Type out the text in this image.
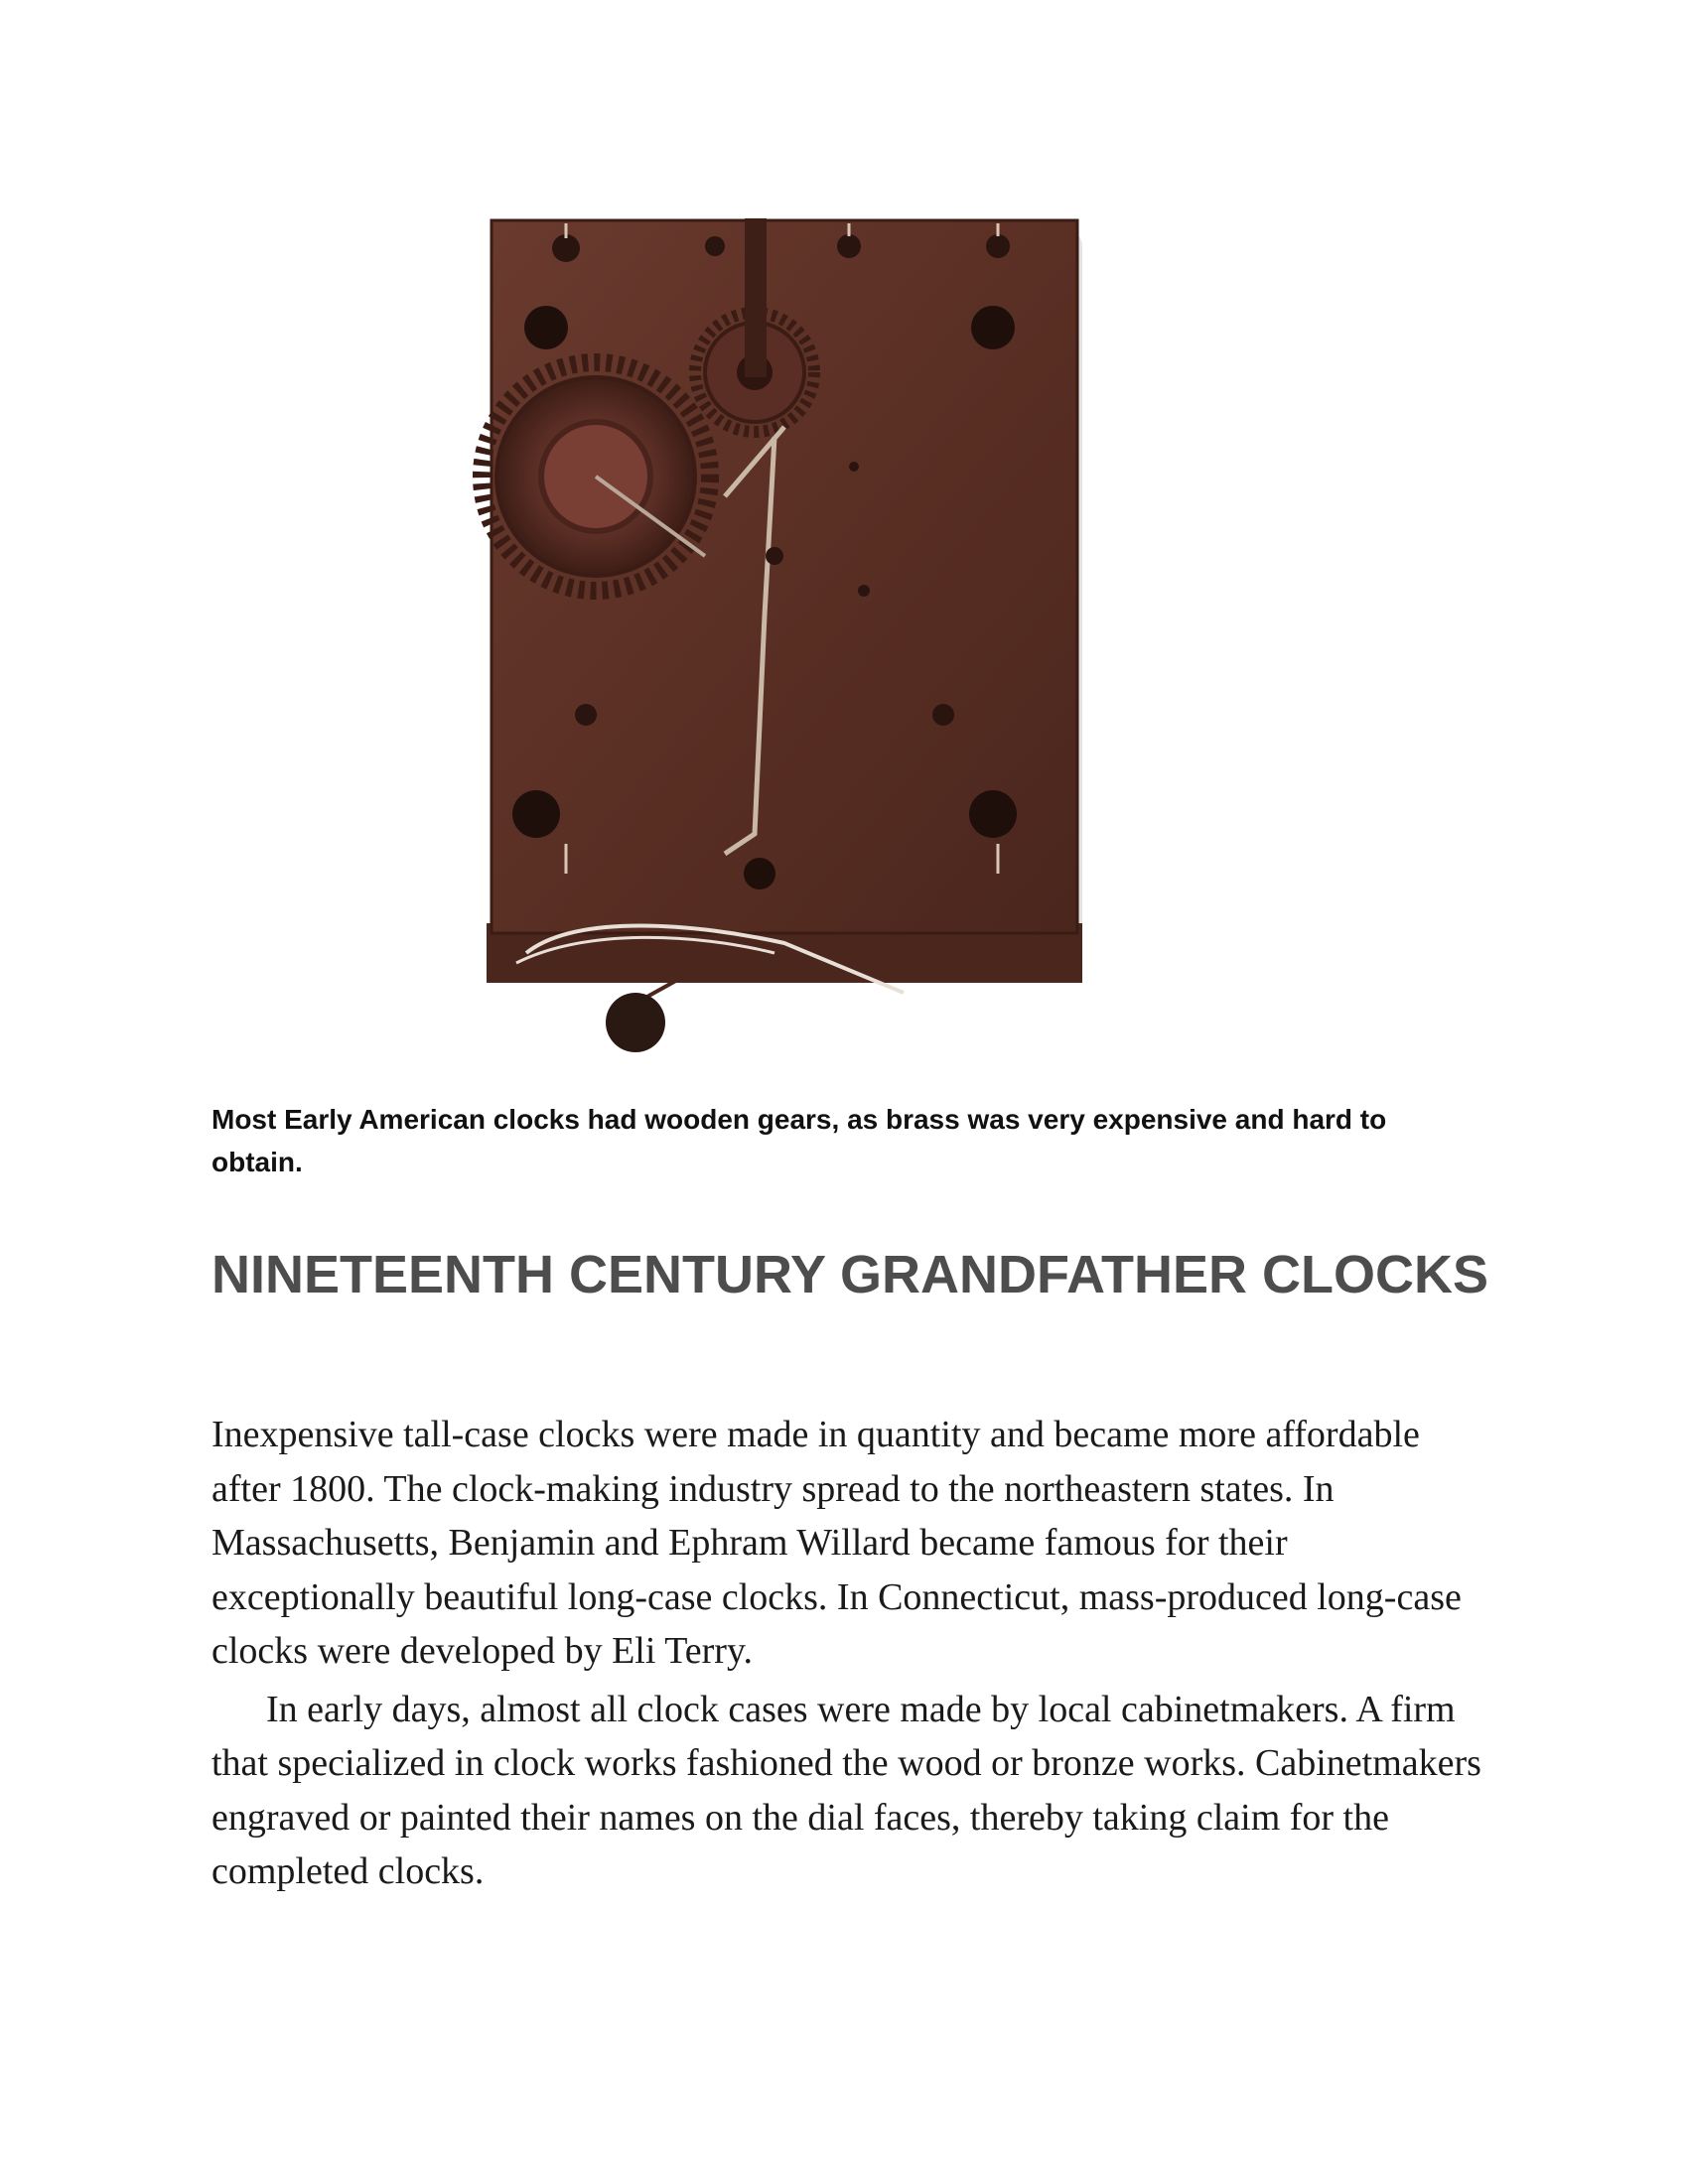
Most Early American clocks had wooden gears, as brass was very expensive and hard to obtain.

NINETEENTH CENTURY GRANDFATHER CLOCKS

Inexpensive tall-case clocks were made in quantity and became more affordable after 1800. The clock-making industry spread to the northeastern states. In Massachusetts, Benjamin and Ephram Willard became famous for their exceptionally beautiful long-case clocks. In Connecticut, mass-produced long-case clocks were developed by Eli Terry.

In early days, almost all clock cases were made by local cabinetmakers. A firm that specialized in clock works fashioned the wood or bronze works. Cabinetmakers engraved or painted their names on the dial faces, thereby taking claim for the completed clocks.
